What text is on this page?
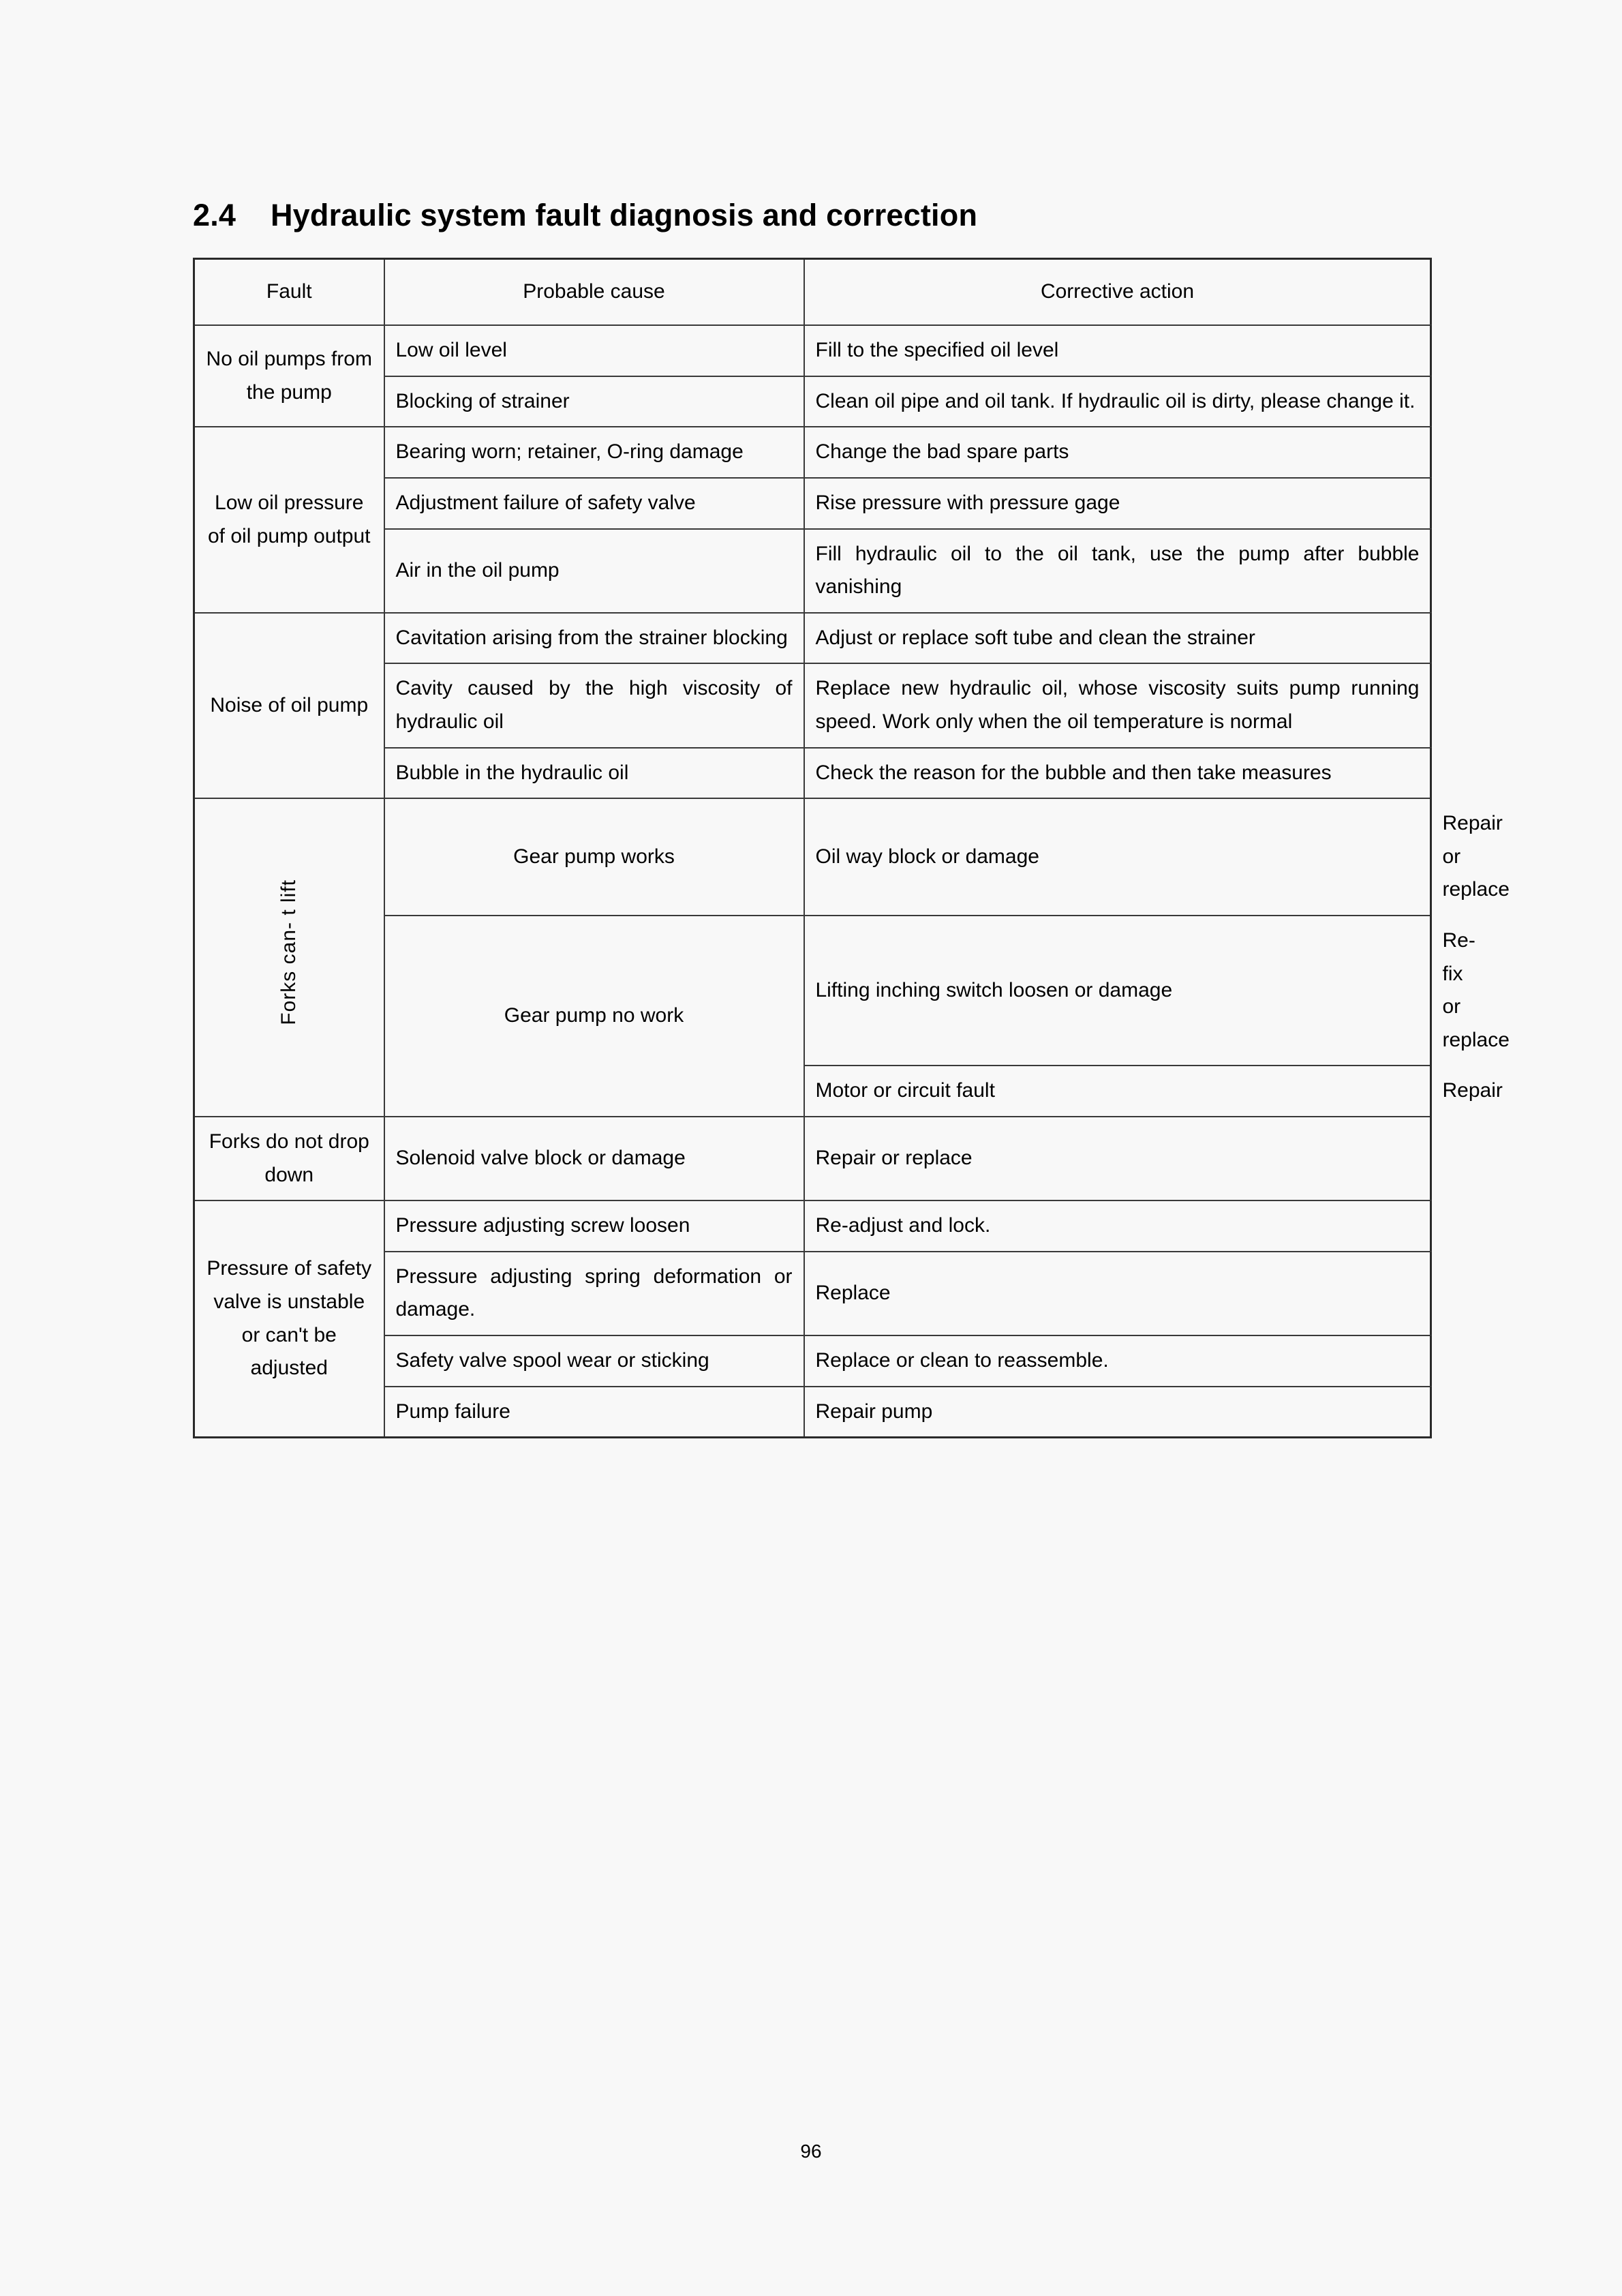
2.4    Hydraulic system fault diagnosis and correction
Fault	Probable cause	Corrective action	
No oil pumps from the pump	Low oil level	Fill to the specified oil level	
	Blocking of strainer	Clean oil pipe and oil tank. If hydraulic oil is dirty, please change it.	
Low oil pressure of oil pump output	Bearing worn; retainer, O-ring damage	Change the bad spare parts	
	Adjustment failure of safety valve	Rise pressure with pressure gage	
	Air in the oil pump	Fill hydraulic oil to the oil tank, use the pump after bubble vanishing	
Noise of oil pump	Cavitation arising from the strainer blocking	Adjust or replace soft tube and clean the strainer	
	Cavity caused by the high viscosity of hydraulic oil	Replace new hydraulic oil, whose viscosity suits pump running speed. Work only when the oil temperature is normal	
	Bubble in the hydraulic oil	Check the reason for the bubble and then take measures	
Forks can- t lift	Gear pump works	Oil way block or damage	Repair or replace
	Gear pump no work	Lifting inching switch loosen or damage	Re-fix or replace
		Motor or circuit fault	Repair
Forks do not drop down	Solenoid valve block or damage	Repair or replace	
Pressure of safety valve is unstable or can't be adjusted	Pressure adjusting screw loosen	Re-adjust and lock.	
	Pressure adjusting spring deformation or damage.	Replace	
	Safety valve spool wear or sticking	Replace or clean to reassemble.	
	Pump failure	Repair pump	
96
